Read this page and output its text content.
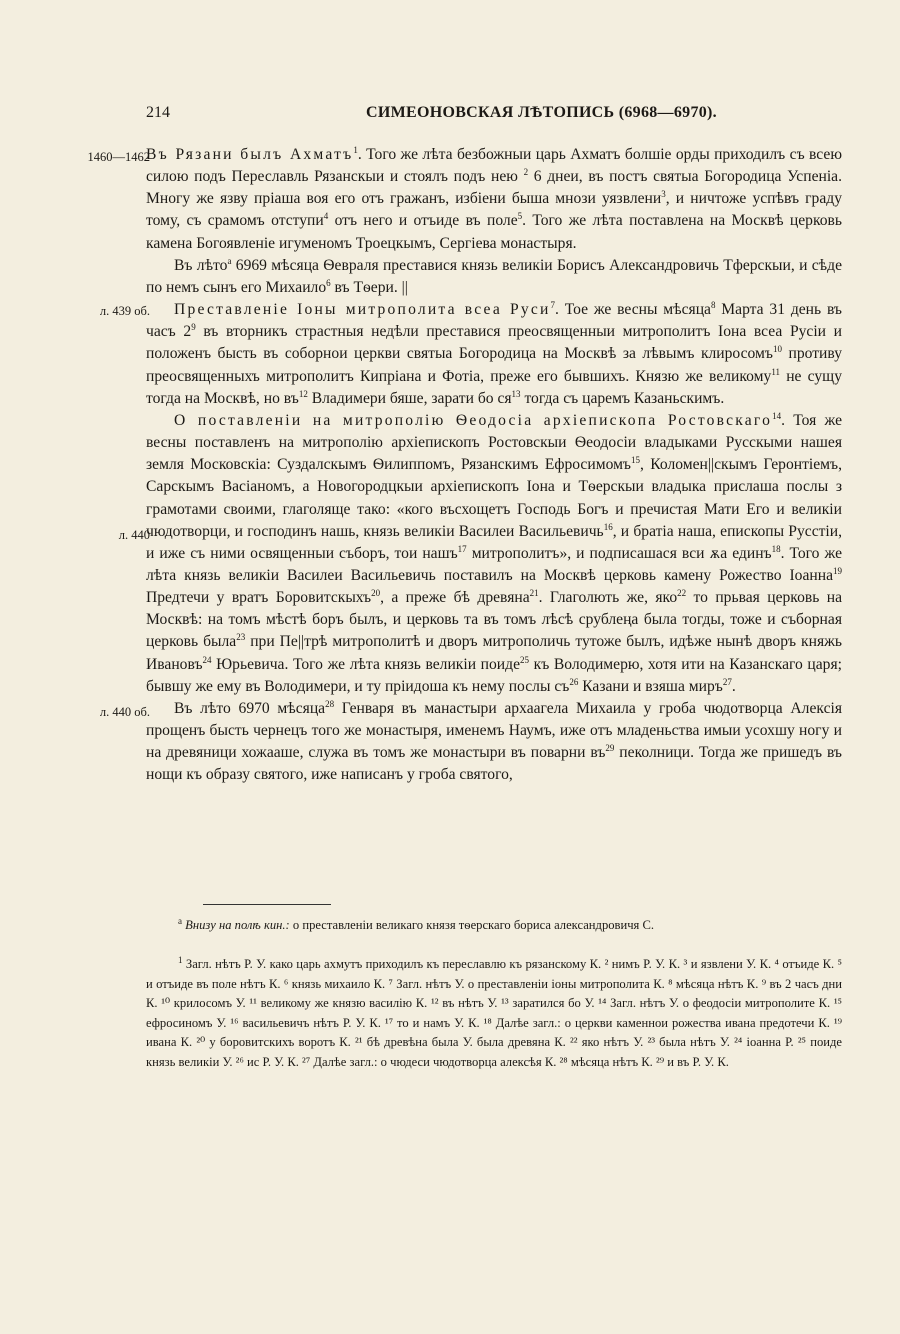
214	СИМЕОНОВСКАЯ ЛѢТОПИСЬ (6968—6970).
1460—1462
л. 439 об.
л. 440
л. 440 об.

Въ Рязани былъ Ахматъ$^1$. Того же лѣта безбожныи царь Ахматъ болшіе орды приходилъ съ всею силою подъ Переславль Рязанскыи и стоялъ подъ нею $^2$ 6 днеи, въ постъ святыа Богородица Успеніа. Многу же язву пріаша воя его отъ гражанъ, избіени быша мнози уязвлени$^3$, и ничтоже успѣвъ граду тому, съ срамомъ отступи$^4$ отъ него и отъиде въ поле$^5$. Того же лѣта поставлена на Москвѣ церковь камена Богоявленіе игуменомъ Троецкымъ, Сергіева монастыря.

Въ лѣто$^а$ 6969 мѣсяца Ѳевраля преставися князь великіи Борисъ Александровичь Тферскыи, и сѣде по немъ сынъ его Михаило$^6$ въ Тѳери. ||

Преставленіе Іоны митрополита всеа Руси$^7$. Тое же весны мѣсяца$^8$ Марта 31 день въ часъ $2^9$ въ вторникъ страстныя недѣли преставися преосвященныи митрополитъ Іона всеа Русіи и положенъ бысть въ соборнои церкви святыа Богородица на Москвѣ за лѣвымъ клиросомъ$^{10}$ противу преосвященныхъ митрополитъ Кипріана и Фотіа, преже его бывшихъ. Князю же великому$^{11}$ не сущу тогда на Москвѣ, но $въ^{12}$ Владимери бяше, зарати бо $ся^{13}$ тогда съ царемъ Казаньскимъ.

О поставленіи на митрополію Ѳеодосіа архіепископа Ростовскаго$^{14}$. Тоя же весны поставленъ на митрополію архіепископъ Ростовскыи Ѳеодосіи владыками Русскыми нашея земля Московскіа: Суздалскымъ Ѳилиппомъ, Рязанскимъ Ефросимомъ$^{15}$, Коломен||скымъ Геронтіемъ, Сарскымъ Васіаномъ, а Новогородцкыи архіепископъ Іона и Тѳерскыи владыка прислаша послы з грамотами своими, глаголяще тако: «кого въсхощетъ Господь Богъ и пречистая Мати Его и великіи чюдотворци, и господинъ нашь, князь великіи Василеи Васильевичь$^{16}$, и братіа наша, епископы Русстіи, и иже съ ними освященныи съборъ, тои нашъ$^{17}$ митрополитъ», и подписашася вси ѫа единъ$^{18}$. Того же лѣта князь великіи Василеи Васильевичь поставилъ на Москвѣ церковь камену Рожество Іоанна$^{19}$ Предтечи у вратъ Боровитскыхъ$^{20}$, а преже бѣ древяна$^{21}$. Глаголють же, яко$^{22}$ то прьвая церковь на Москвѣ: на томъ мѣстѣ боръ былъ, и церковь та въ томъ лѣсѣ срублеңа была тогды, тоже и съборная церковь была$^{23}$ при Пе||трѣ митрополитѣ и дворъ митрополичь тутоже былъ, идѣже нынѣ дворъ княжь Ивановъ$^{24}$ Юрьевича. Того же лѣта князь великіи поиде$^{25}$ къ Володимерю, хотя ити на Казанскаго царя; бывшу же ему въ Володимери, и ту пріидоша къ нему послы $съ^{26}$ Казани и взяша миръ$^{27}$.

Въ лѣто 6970 мѣсяца$^{28}$ Генваря въ манастыри архаагела Михаила у гроба чюдотворца Алексія прощенъ бысть чернецъ того же монастыря, именемъ Наумъ, иже отъ младеньства имыи усохшу ногу и на древяници хожааше, служа въ томъ же монастыри въ поварни $въ^{29}$ пеколници. Тогда же пришедъ въ нощи къ образу святого, иже написанъ у гроба святого,

$^а$ Внизу на полѣ кин.: о преставленіи великаго князя тѳерскаго бориса александровичя С.
$^1$ Загл. нѣтъ Р. У. како царь ахмутъ приходилъ къ переславлю къ рязанскому К. ² нимъ Р. У. К. ³ и язвлени У. К. ⁴ отъиде К. ⁵ и отъиде въ поле нѣтъ К. ⁶ князь михаило К. ⁷ Загл. нѣтъ У. о преставленіи іоны митрополита К. ⁸ мѣсяца нѣтъ К. ⁹ въ 2 часъ дни К. ¹⁰ крилосомъ У. ¹¹ великому же князю василію К. ¹² въ нѣтъ У. ¹³ заратился бо У. ¹⁴ Загл. нѣтъ У. о феодосіи митрополите К. ¹⁵ ефросиномъ У. ¹⁶ васильевичъ нѣтъ Р. У. К. ¹⁷ то и намъ У. К. ¹⁸ Далѣе загл.: о церкви каменнои рожества ивана предотечи К. ¹⁹ ивана К. ²⁰ у боровитскихъ воротъ К. ²¹ бѣ древѣна была У. была древяна К. ²² яко нѣтъ У. ²³ была нѣтъ У. ²⁴ іоанна Р. ²⁵ поиде князь великіи У. ²⁶ ис Р. У. К. ²⁷ Далѣе загл.: о чюдеси чюдотворца алексѣя К. ²⁸ мѣсяца нѣтъ К. ²⁹ и въ Р. У. К.
